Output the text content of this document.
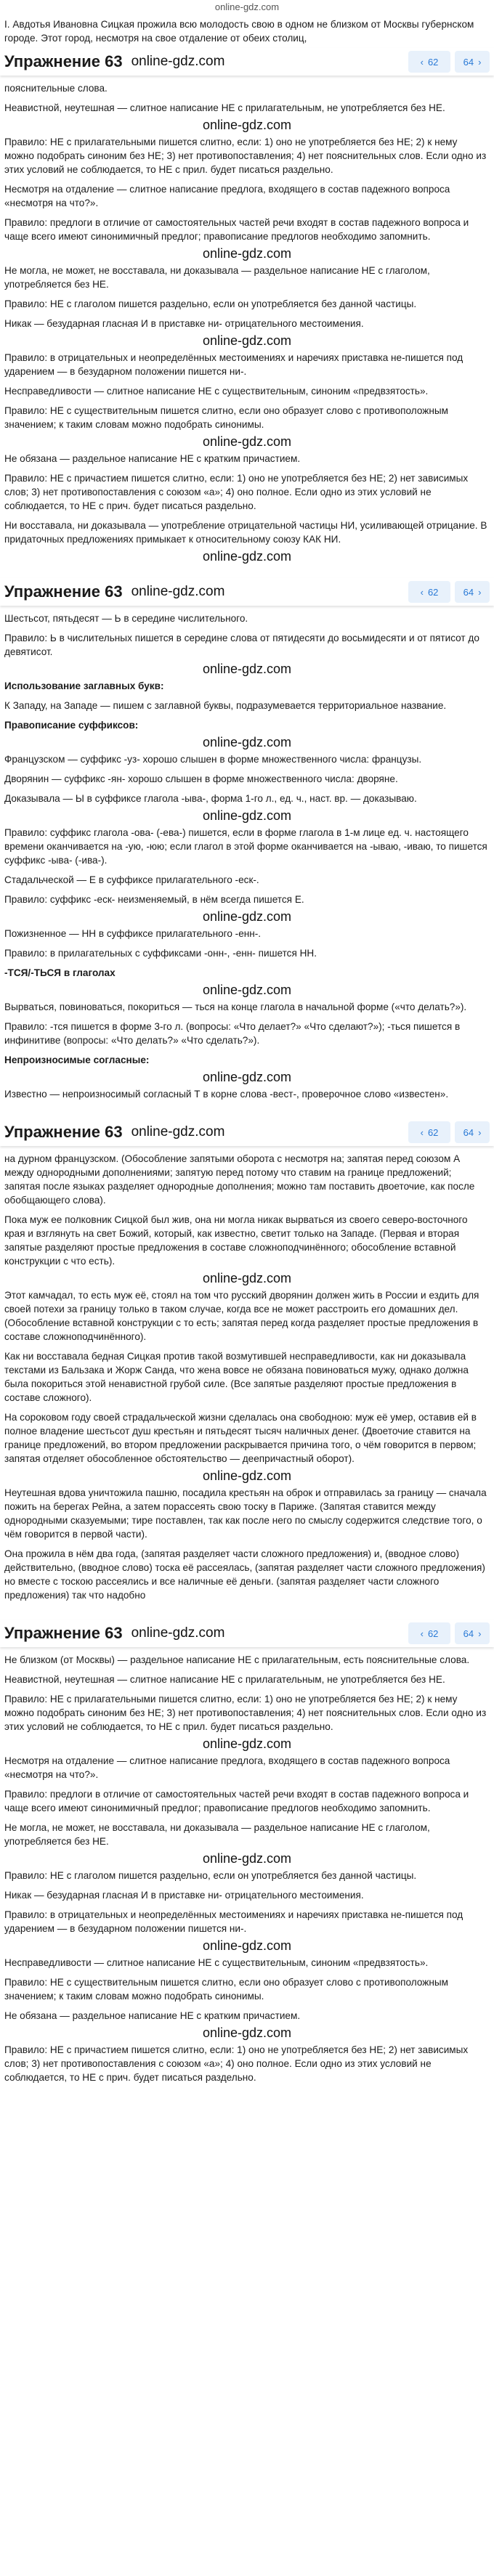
online-gdz.com

I. Авдотья Ивановна Сицкая прожила всю молодость свою в одном не близком от Москвы губернском городе. Этот город, несмотря на свое отдаление от обеих столиц,

Упражнение 63 online-gdz.com	‹ 62	64 ›

пояснительные слова.

Неавистной, неутешная — слитное написание НЕ с прилагательным, не употребляется без НЕ.

online-gdz.com

Правило: НЕ с прилагательными пишется слитно, если: 1) оно не употребляется без НЕ; 2) к нему можно подобрать синоним без НЕ; 3) нет противопоставления; 4) нет пояснительных слов. Если одно из этих условий не соблюдается, то НЕ с прил. будет писаться раздельно.

Несмотря на отдаление — слитное написание предлога, входящего в состав падежного вопроса «несмотря на что?».

Правило: предлоги в отличие от самостоятельных частей речи входят в состав падежного вопроса и чаще всего имеют синонимичный предлог; правописание предлогов необходимо запомнить.

online-gdz.com

Не могла, не может, не восставала, ни доказывала — раздельное написание НЕ с глаголом, употребляется без НЕ.

Правило: НЕ с глаголом пишется раздельно, если он употребляется без данной частицы.

Никак — безударная гласная И в приставке ни- отрицательного местоимения.

online-gdz.com

Правило: в отрицательных и неопределённых местоимениях и наречиях приставка не-пишется под ударением — в безударном положении пишется ни-.

Несправедливости — слитное написание НЕ с существительным, синоним «предвзятость».

Правило: НЕ с существительным пишется слитно, если оно образует слово с противоположным значением; к таким словам можно подобрать синонимы.

online-gdz.com

Не обязана — раздельное написание НЕ с кратким причастием.

Правило: НЕ с причастием пишется слитно, если: 1) оно не употребляется без НЕ; 2) нет зависимых слов; 3) нет противопоставления с союзом «а»; 4) оно полное. Если одно из этих условий не соблюдается, то НЕ с прич. будет писаться раздельно.

Ни восставала, ни доказывала — употребление отрицательной частицы НИ, усиливающей отрицание. В придаточных предложениях примыкает к относительному союзу КАК НИ.

online-gdz.com
Упражнение 63 online-gdz.com	‹ 62	64 ›

Шестьсот, пятьдесят — Ь в середине числительного.

Правило: Ь в числительных пишется в середине слова от пятидесяти до восьмидесяти и от пятисот до девятисот.

online-gdz.com

Использование заглавных букв:

К Западу, на Западе — пишем с заглавной буквы, подразумевается территориальное название.

Правописание суффиксов:

online-gdz.com

Французском — суффикс -уз- хорошо слышен в форме множественного числа: французы.

Дворянин — суффикс -ян- хорошо слышен в форме множественного числа: дворяне.

Доказывала — Ы в суффиксе глагола -ыва-, форма 1-го л., ед. ч., наст. вр. — доказываю.

online-gdz.com

Правило: суффикс глагола -ова- (-ева-) пишется, если в форме глагола в 1-м лице ед. ч. настоящего времени оканчивается на -ую, -юю; если глагол в этой форме оканчивается на -ываю, -иваю, то пишется суффикс -ыва- (-ива-).

Стадальческой — Е в суффиксе прилагательного -еск-.

Правило: суффикс -еск- неизменяемый, в нём всегда пишется Е.

online-gdz.com

Пожизненное — НН в суффиксе прилагательного -енн-.

Правило: в прилагательных с суффиксами -онн-, -енн- пишется НН.

-ТСЯ/-ТЬСЯ в глаголах

online-gdz.com

Вырваться, повиноваться, покориться — ться на конце глагола в начальной форме («что делать?»).

Правило: -тся пишется в форме 3-го л. (вопросы: «Что делает?» «Что сделают?»); -ться пишется в инфинитиве (вопросы: «Что делать?» «Что сделать?»).

Непроизносимые согласные:

online-gdz.com

Известно — непроизносимый согласный Т в корне слова -вест-, проверочное слово «известен».

Упражнение 63 online-gdz.com	‹ 62	64 ›

на дурном французском. (Обособление запятыми оборота с несмотря на; запятая перед союзом А между однородными дополнениями; запятую перед потому что ставим на границе предложений; запятая после языках разделяет однородные дополнения; можно там поставить двоеточие, как после обобщающего слова).

Пока муж ее полковник Сицкой был жив, она ни могла никак вырваться из своего северо-восточного края и взглянуть на свет Божий, который, как известно, светит только на Западе. (Первая и вторая запятые разделяют простые предложения в составе сложноподчинённого; обособление вставной конструкции с что есть).

online-gdz.com

Этот камчадал, то есть муж её, стоял на том что русский дворянин должен жить в России и ездить для своей потехи за границу только в таком случае, когда все не может расстроить его домашних дел. (Обособление вставной конструкции с то есть; запятая перед когда разделяет простые предложения в составе сложноподчинённого).

Как ни восставала бедная Сицкая против такой возмутившей несправедливости, как ни доказывала текстами из Бальзака и Жорж Санда, что жена вовсе не обязана повиноваться мужу, однако должна была покориться этой ненавистной грубой силе. (Все запятые разделяют простые предложения в составе сложного).

На сороковом году своей страдальческой жизни сделалась она свободною: муж её умер, оставив ей в полное владение шестьсот душ крестьян и пятьдесят тысяч наличных денег. (Двоеточие ставится на границе предложений, во втором предложении раскрывается причина того, о чём говорится в первом; запятая отделяет обособленное обстоятельство — деепричастный оборот).

online-gdz.com

Неутешная вдова уничтожила пашню, посадила крестьян на оброк и отправилась за границу — сначала пожить на берегах Рейна, а затем порассеять свою тоску в Париже. (Запятая ставится между однородными сказуемыми; тире поставлен, так как после него по смыслу содержится следствие того, о чём говорится в первой части).

Она прожила в нём два года, (запятая разделяет части сложного предложения) и, (вводное слово) действительно, (вводное слово) тоска её рассеялась, (запятая разделяет части сложного предложения) но вместе с тоскою рассеялись и все наличные её деньги. (запятая разделяет части сложного предложения) так что надобно

Упражнение 63 online-gdz.com	‹ 62	64 ›

Не близком (от Москвы) — раздельное написание НЕ с прилагательным, есть пояснительные слова.

Неавистной, неутешная — слитное написание НЕ с прилагательным, не употребляется без НЕ.

Правило: НЕ с прилагательными пишется слитно, если: 1) оно не употребляется без НЕ; 2) к нему можно подобрать синоним без НЕ; 3) нет противопоставления; 4) нет пояснительных слов. Если одно из этих условий не соблюдается, то НЕ с прил. будет писаться раздельно.

online-gdz.com

Несмотря на отдаление — слитное написание предлога, входящего в состав падежного вопроса «несмотря на что?».

Правило: предлоги в отличие от самостоятельных частей речи входят в состав падежного вопроса и чаще всего имеют синонимичный предлог; правописание предлогов необходимо запомнить.

Не могла, не может, не восставала, ни доказывала — раздельное написание НЕ с глаголом, употребляется без НЕ.

online-gdz.com

Правило: НЕ с глаголом пишется раздельно, если он употребляется без данной частицы.

Никак — безударная гласная И в приставке ни- отрицательного местоимения.

Правило: в отрицательных и неопределённых местоимениях и наречиях приставка не-пишется под ударением — в безударном положении пишется ни-.

online-gdz.com

Несправедливости — слитное написание НЕ с существительным, синоним «предвзятость».

Правило: НЕ с существительным пишется слитно, если оно образует слово с противоположным значением; к таким словам можно подобрать синонимы.

Не обязана — раздельное написание НЕ с кратким причастием.

online-gdz.com

Правило: НЕ с причастием пишется слитно, если: 1) оно не употребляется без НЕ; 2) нет зависимых слов; 3) нет противопоставления с союзом «а»; 4) оно полное. Если одно из этих условий не соблюдается, то НЕ с прич. будет писаться раздельно.
